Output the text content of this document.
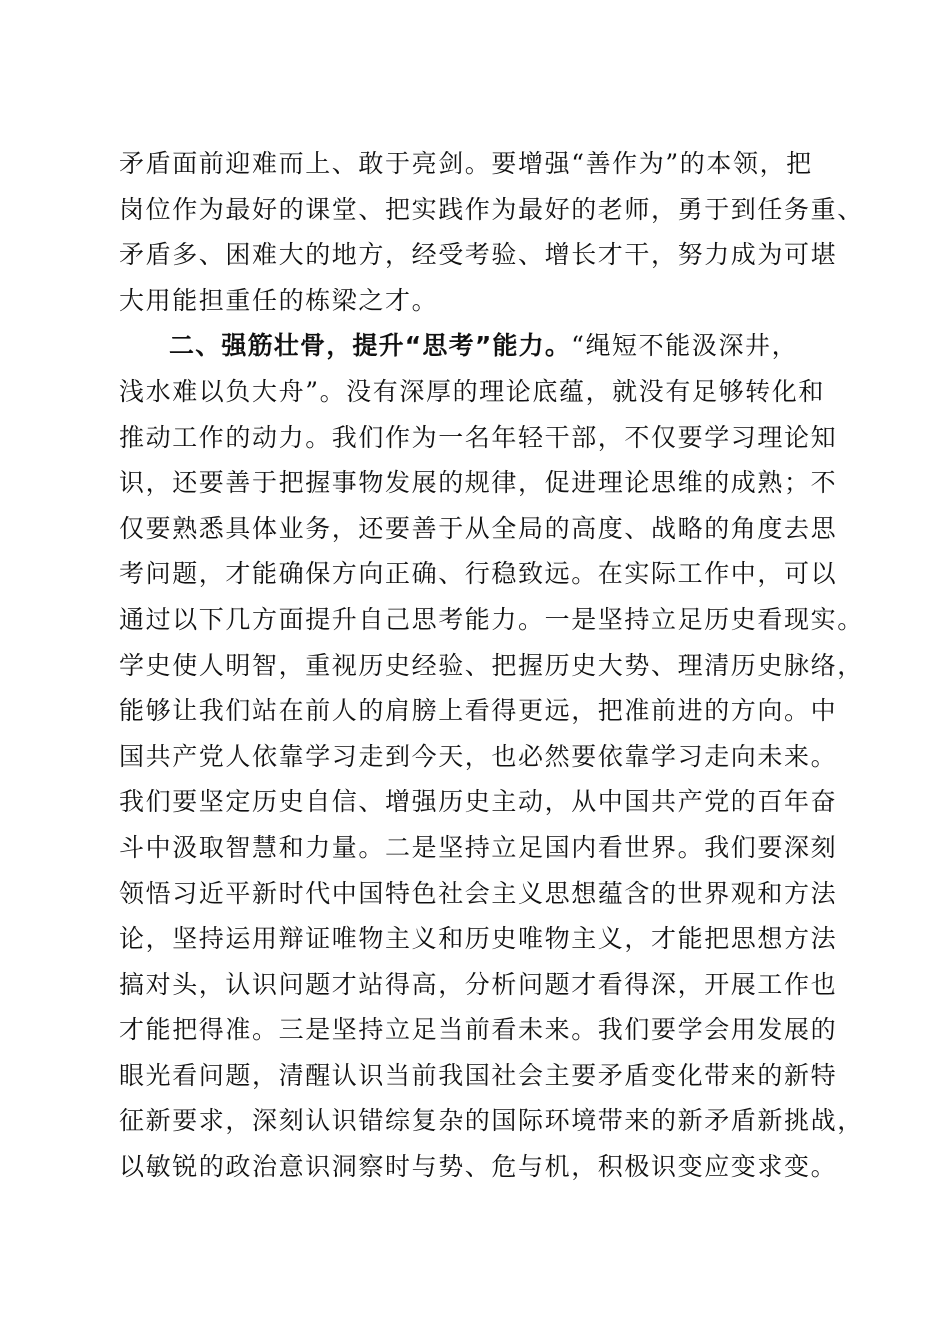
矛盾面前迎难而上、敢于亮剑。要增强“善作为”的本领，把
岗位作为最好的课堂、把实践作为最好的老师，勇于到任务重、
矛盾多、困难大的地方，经受考验、增长才干，努力成为可堪
大用能担重任的栋梁之才。
二、强筋壮骨，提升“思考”能力。“绳短不能汲深井，
浅水难以负大舟”。没有深厚的理论底蕴，就没有足够转化和
推动工作的动力。我们作为一名年轻干部，不仅要学习理论知
识，还要善于把握事物发展的规律，促进理论思维的成熟；不
仅要熟悉具体业务，还要善于从全局的高度、战略的角度去思
考问题，才能确保方向正确、行稳致远。在实际工作中，可以
通过以下几方面提升自己思考能力。一是坚持立足历史看现实。
学史使人明智，重视历史经验、把握历史大势、理清历史脉络，
能够让我们站在前人的肩膀上看得更远，把准前进的方向。中
国共产党人依靠学习走到今天，也必然要依靠学习走向未来。
我们要坚定历史自信、增强历史主动，从中国共产党的百年奋
斗中汲取智慧和力量。二是坚持立足国内看世界。我们要深刻
领悟习近平新时代中国特色社会主义思想蕴含的世界观和方法
论，坚持运用辩证唯物主义和历史唯物主义，才能把思想方法
搞对头，认识问题才站得高，分析问题才看得深，开展工作也
才能把得准。三是坚持立足当前看未来。我们要学会用发展的
眼光看问题，清醒认识当前我国社会主要矛盾变化带来的新特
征新要求，深刻认识错综复杂的国际环境带来的新矛盾新挑战，
以敏锐的政治意识洞察时与势、危与机，积极识变应变求变。
